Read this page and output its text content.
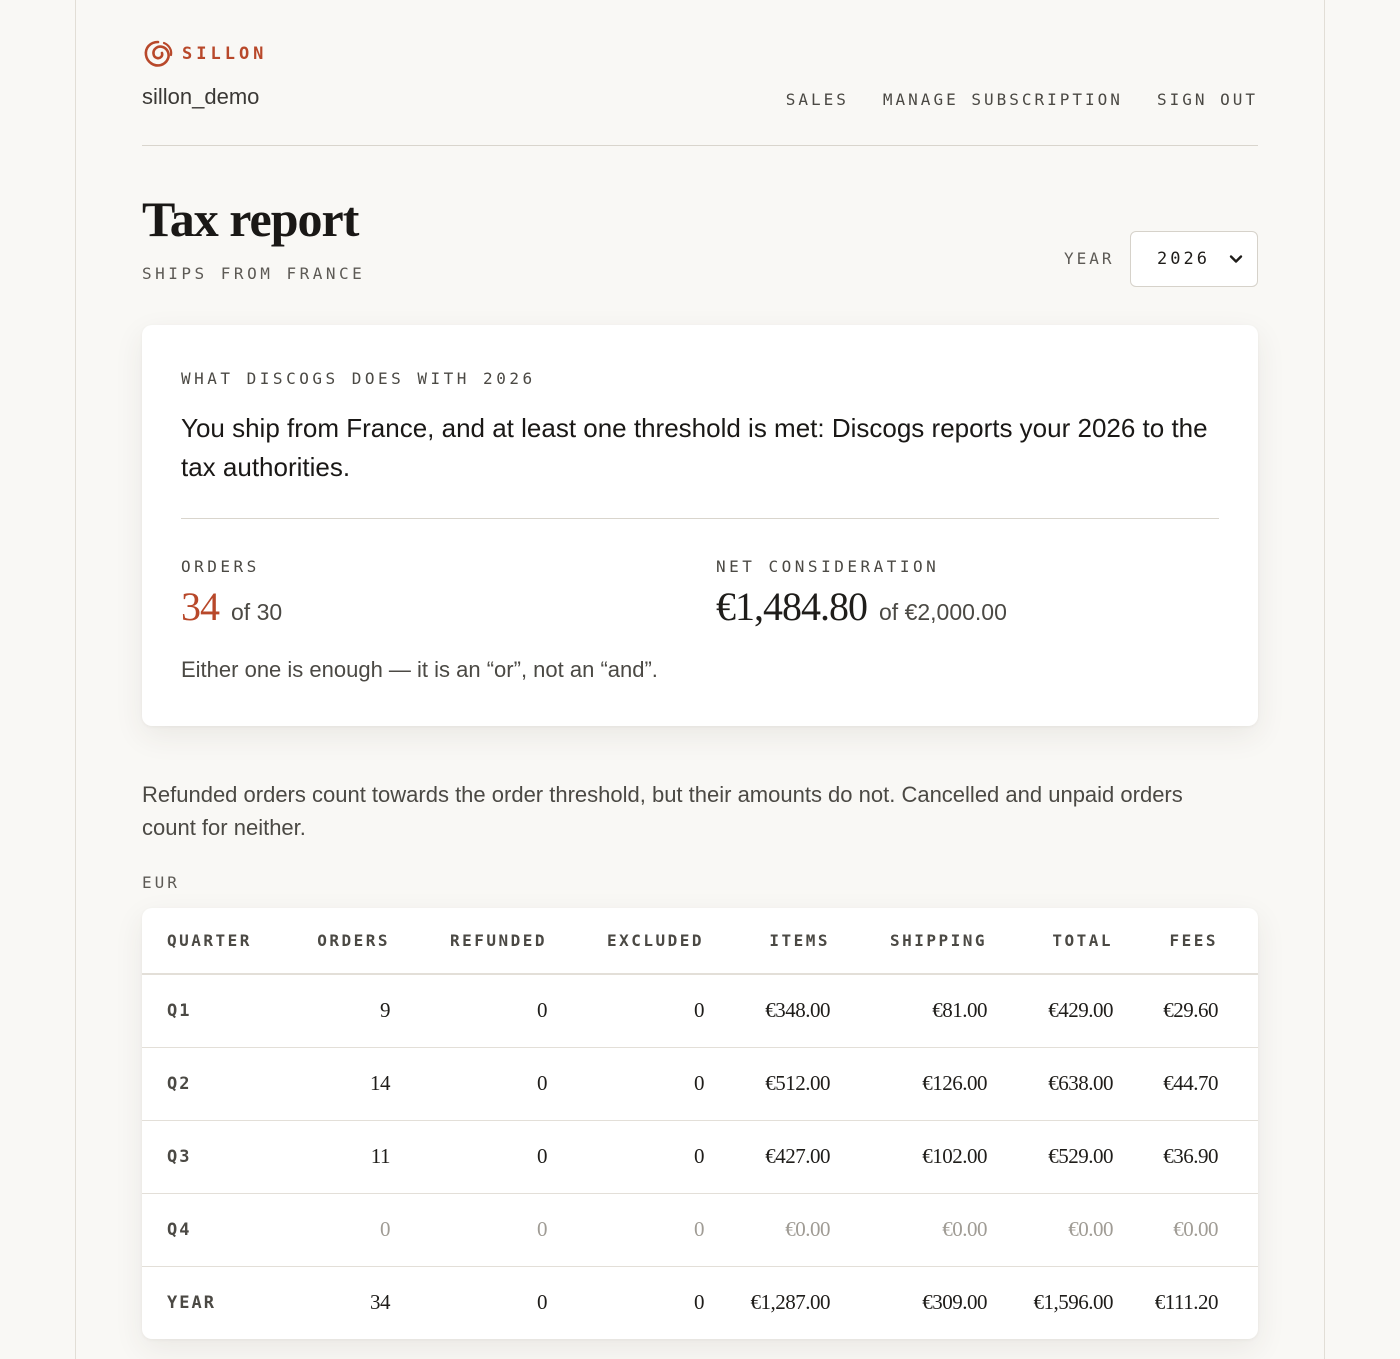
SILLON
sillon_demo	SALES MANAGE SUBSCRIPTION SIGN OUT
Tax report
SHIPS FROM FRANCE
YEAR 2026
WHAT DISCOGS DOES WITH 2026

You ship from France, and at least one threshold is met: Discogs reports your 2026 to the tax authorities.

ORDERS
34 of 30
NET CONSIDERATION
€1,484.80 of €2,000.00
Either one is enough — it is an “or”, not an “and”.

Refunded orders count towards the order threshold, but their amounts do not. Cancelled and unpaid orders count for neither.

EUR
QUARTER	ORDERS	REFUNDED	EXCLUDED	ITEMS	SHIPPING	TOTAL	FEES
Q1	9	0	0	€348.00	€81.00	€429.00	€29.60
Q2	14	0	0	€512.00	€126.00	€638.00	€44.70
Q3	11	0	0	€427.00	€102.00	€529.00	€36.90
Q4	0	0	0	€0.00	€0.00	€0.00	€0.00
YEAR	34	0	0	€1,287.00	€309.00	€1,596.00	€111.20
